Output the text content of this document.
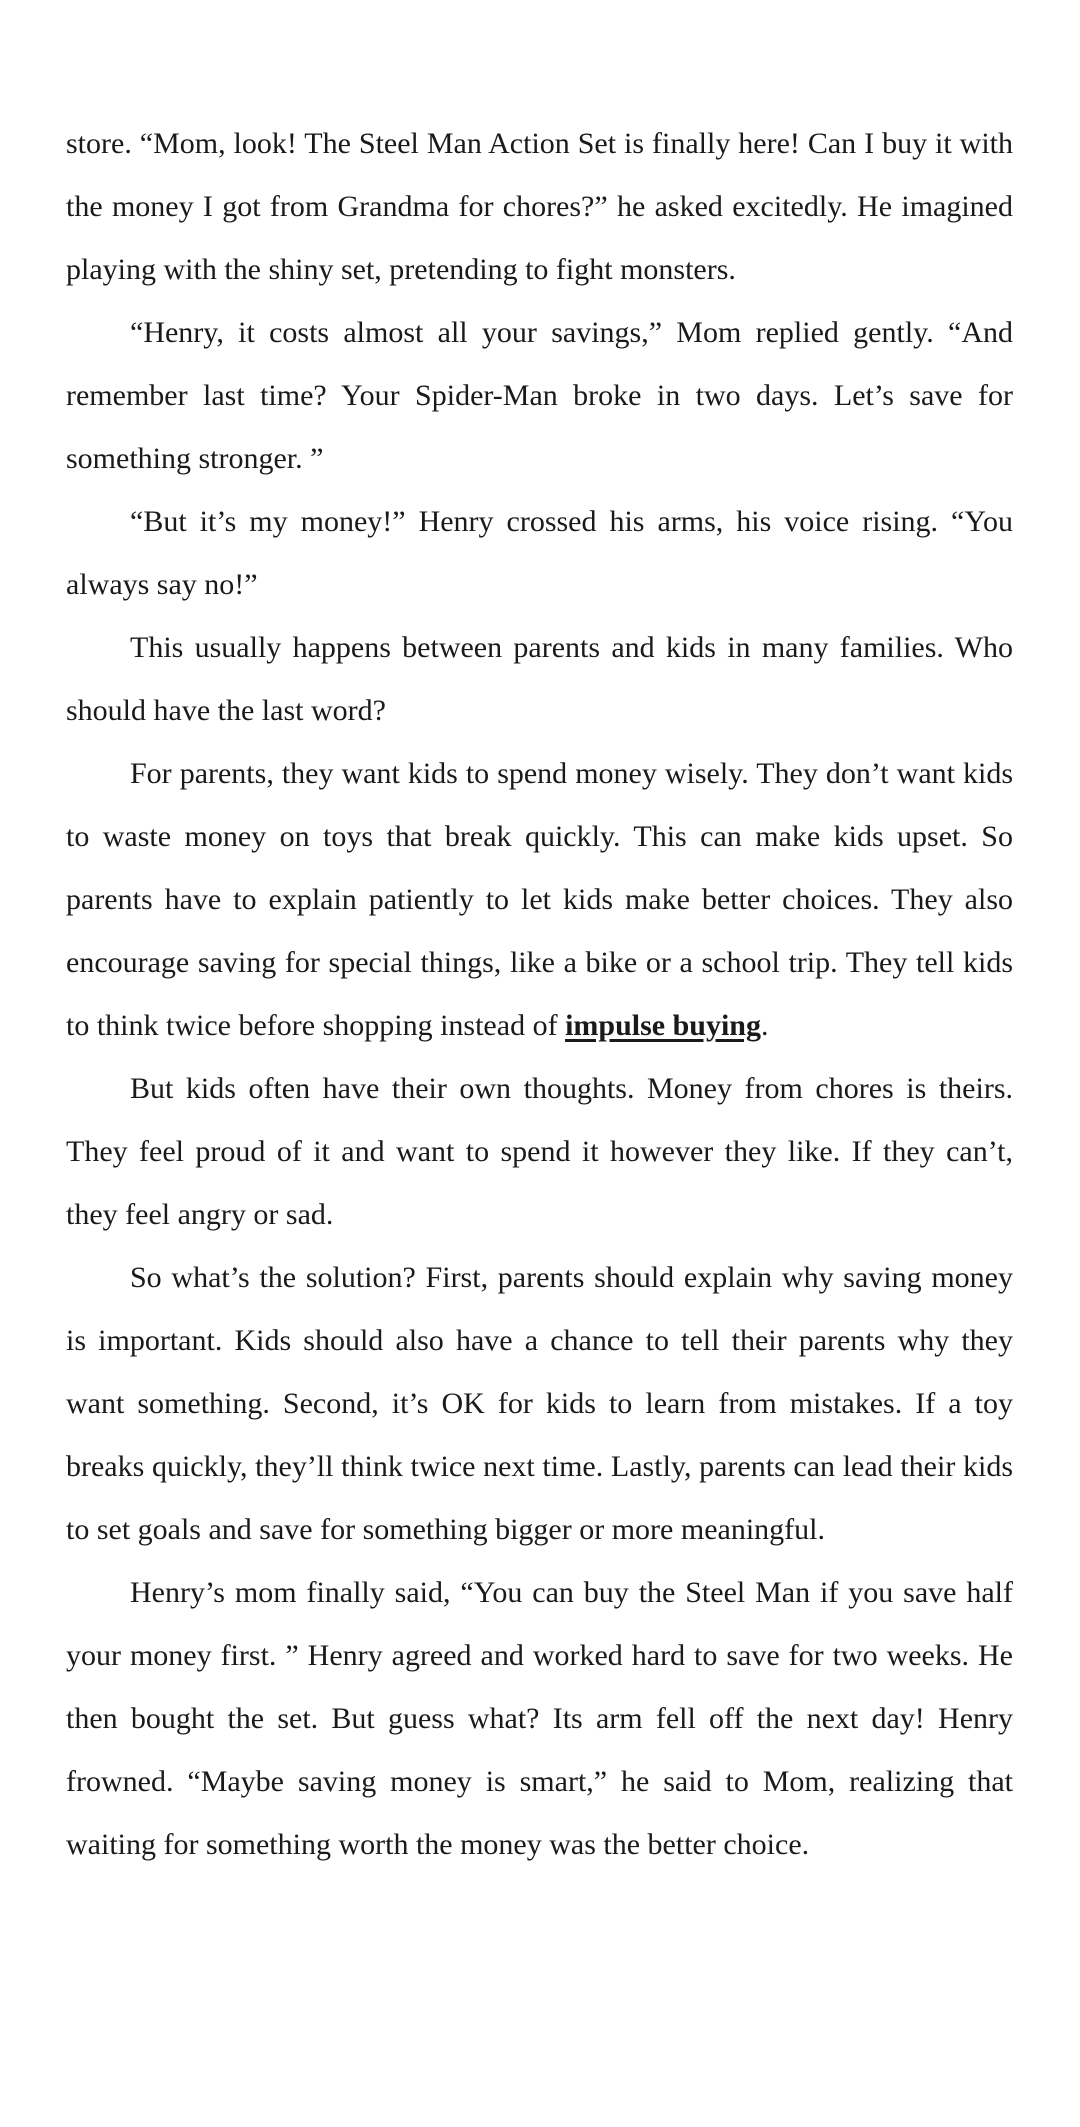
store. “Mom, look! The Steel Man Action Set is finally here! Can I buy it with the money I got from Grandma for chores?” he asked excitedly. He imagined playing with the shiny set, pretending to fight monsters.

“Henry, it costs almost all your savings,” Mom replied gently. “And remember last time? Your Spider-Man broke in two days. Let’s save for something stronger. ”

“But it’s my money!” Henry crossed his arms, his voice rising. “You always say no!”

This usually happens between parents and kids in many families. Who should have the last word?

For parents, they want kids to spend money wisely. They don’t want kids to waste money on toys that break quickly. This can make kids upset. So parents have to explain patiently to let kids make better choices. They also encourage saving for special things, like a bike or a school trip. They tell kids to think twice before shopping instead of impulse buying.

But kids often have their own thoughts. Money from chores is theirs. They feel proud of it and want to spend it however they like. If they can’t, they feel angry or sad.

So what’s the solution? First, parents should explain why saving money is important. Kids should also have a chance to tell their parents why they want something. Second, it’s OK for kids to learn from mistakes. If a toy breaks quickly, they’ll think twice next time. Lastly, parents can lead their kids to set goals and save for something bigger or more meaningful.

Henry’s mom finally said, “You can buy the Steel Man if you save half your money first. ” Henry agreed and worked hard to save for two weeks. He then bought the set. But guess what? Its arm fell off the next day! Henry frowned. “Maybe saving money is smart,” he said to Mom, realizing that waiting for something worth the money was the better choice.
